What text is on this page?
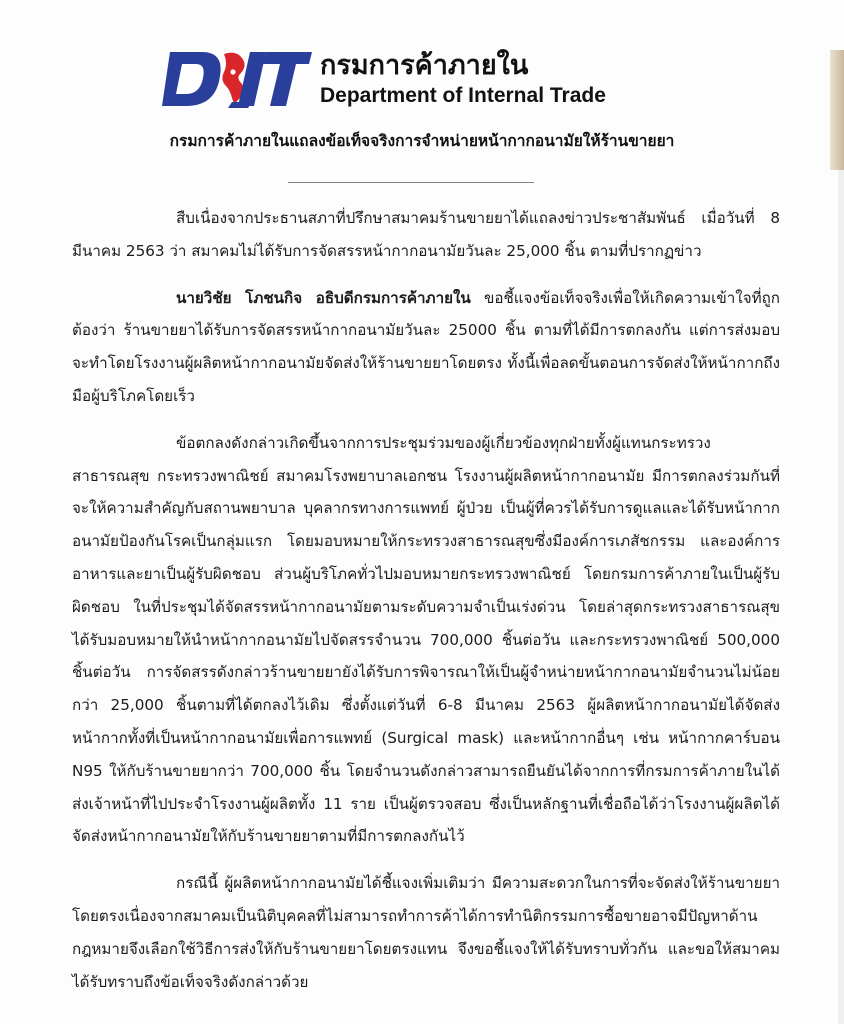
กรมการค้าภายใน
Department of Internal Trade
กรมการค้าภายในแถลงข้อเท็จจริงการจำหน่ายหน้ากากอนามัยให้ร้านขายยา
_______________________________

สืบเนื่องจากประธานสภาที่ปรึกษาสมาคมร้านขายยาได้แถลงข่าวประชาสัมพันธ์ เมื่อวันที่ 8 มีนาคม 2563 ว่า สมาคมไม่ได้รับการจัดสรรหน้ากากอนามัยวันละ 25,000 ชิ้น ตามที่ปรากฏข่าว

นายวิชัย โภชนกิจ อธิบดีกรมการค้าภายใน ขอชี้แจงข้อเท็จจริงเพื่อให้เกิดความเข้าใจที่ถูกต้องว่า ร้านขายยาได้รับการจัดสรรหน้ากากอนามัยวันละ 25000 ชิ้น ตามที่ได้มีการตกลงกัน แต่การส่งมอบจะทำโดยโรงงานผู้ผลิตหน้ากากอนามัยจัดส่งให้ร้านขายยาโดยตรง ทั้งนี้เพื่อลดขั้นตอนการจัดส่งให้หน้ากากถึงมือผู้บริโภคโดยเร็ว

ข้อตกลงดังกล่าวเกิดขึ้นจากการประชุมร่วมของผู้เกี่ยวข้องทุกฝ่ายทั้งผู้แทนกระทรวงสาธารณสุข กระทรวงพาณิชย์ สมาคมโรงพยาบาลเอกชน โรงงานผู้ผลิตหน้ากากอนามัย มีการตกลงร่วมกันที่จะให้ความสำคัญกับสถานพยาบาล บุคลากรทางการแพทย์ ผู้ป่วย เป็นผู้ที่ควรได้รับการดูแลและได้รับหน้ากากอนามัยป้องกันโรคเป็นกลุ่มแรก โดยมอบหมายให้กระทรวงสาธารณสุขซึ่งมีองค์การเภสัชกรรม และองค์การอาหารและยาเป็นผู้รับผิดชอบ ส่วนผู้บริโภคทั่วไปมอบหมายกระทรวงพาณิชย์ โดยกรมการค้าภายในเป็นผู้รับผิดชอบ ในที่ประชุมได้จัดสรรหน้ากากอนามัยตามระดับความจำเป็นเร่งด่วน โดยล่าสุดกระทรวงสาธารณสุขได้รับมอบหมายให้นำหน้ากากอนามัยไปจัดสรรจำนวน 700,000 ชิ้นต่อวัน และกระทรวงพาณิชย์ 500,000 ชิ้นต่อวัน การจัดสรรดังกล่าวร้านขายยายังได้รับการพิจารณาให้เป็นผู้จำหน่ายหน้ากากอนามัยจำนวนไม่น้อยกว่า 25,000 ชิ้นตามที่ได้ตกลงไว้เดิม ซึ่งตั้งแต่วันที่ 6-8 มีนาคม 2563 ผู้ผลิตหน้ากากอนามัยได้จัดส่งหน้ากากทั้งที่เป็นหน้ากากอนามัยเพื่อการแพทย์ (Surgical mask) และหน้ากากอื่นๆ เช่น หน้ากากคาร์บอน N95 ให้กับร้านขายยากว่า 700,000 ชิ้น โดยจำนวนดังกล่าวสามารถยืนยันได้จากการที่กรมการค้าภายในได้ส่งเจ้าหน้าที่ไปประจำโรงงานผู้ผลิตทั้ง 11 ราย เป็นผู้ตรวจสอบ ซึ่งเป็นหลักฐานที่เชื่อถือได้ว่าโรงงานผู้ผลิตได้จัดส่งหน้ากากอนามัยให้กับร้านขายยาตามที่มีการตกลงกันไว้

กรณีนี้ ผู้ผลิตหน้ากากอนามัยได้ชี้แจงเพิ่มเติมว่า มีความสะดวกในการที่จะจัดส่งให้ร้านขายยาโดยตรงเนื่องจากสมาคมเป็นนิติบุคคลที่ไม่สามารถทำการค้าได้การทำนิติกรรมการซื้อขายอาจมีปัญหาด้านกฎหมายจึงเลือกใช้วิธีการส่งให้กับร้านขายยาโดยตรงแทน จึงขอชี้แจงให้ได้รับทราบทั่วกัน และขอให้สมาคมได้รับทราบถึงข้อเท็จจริงดังกล่าวด้วย
